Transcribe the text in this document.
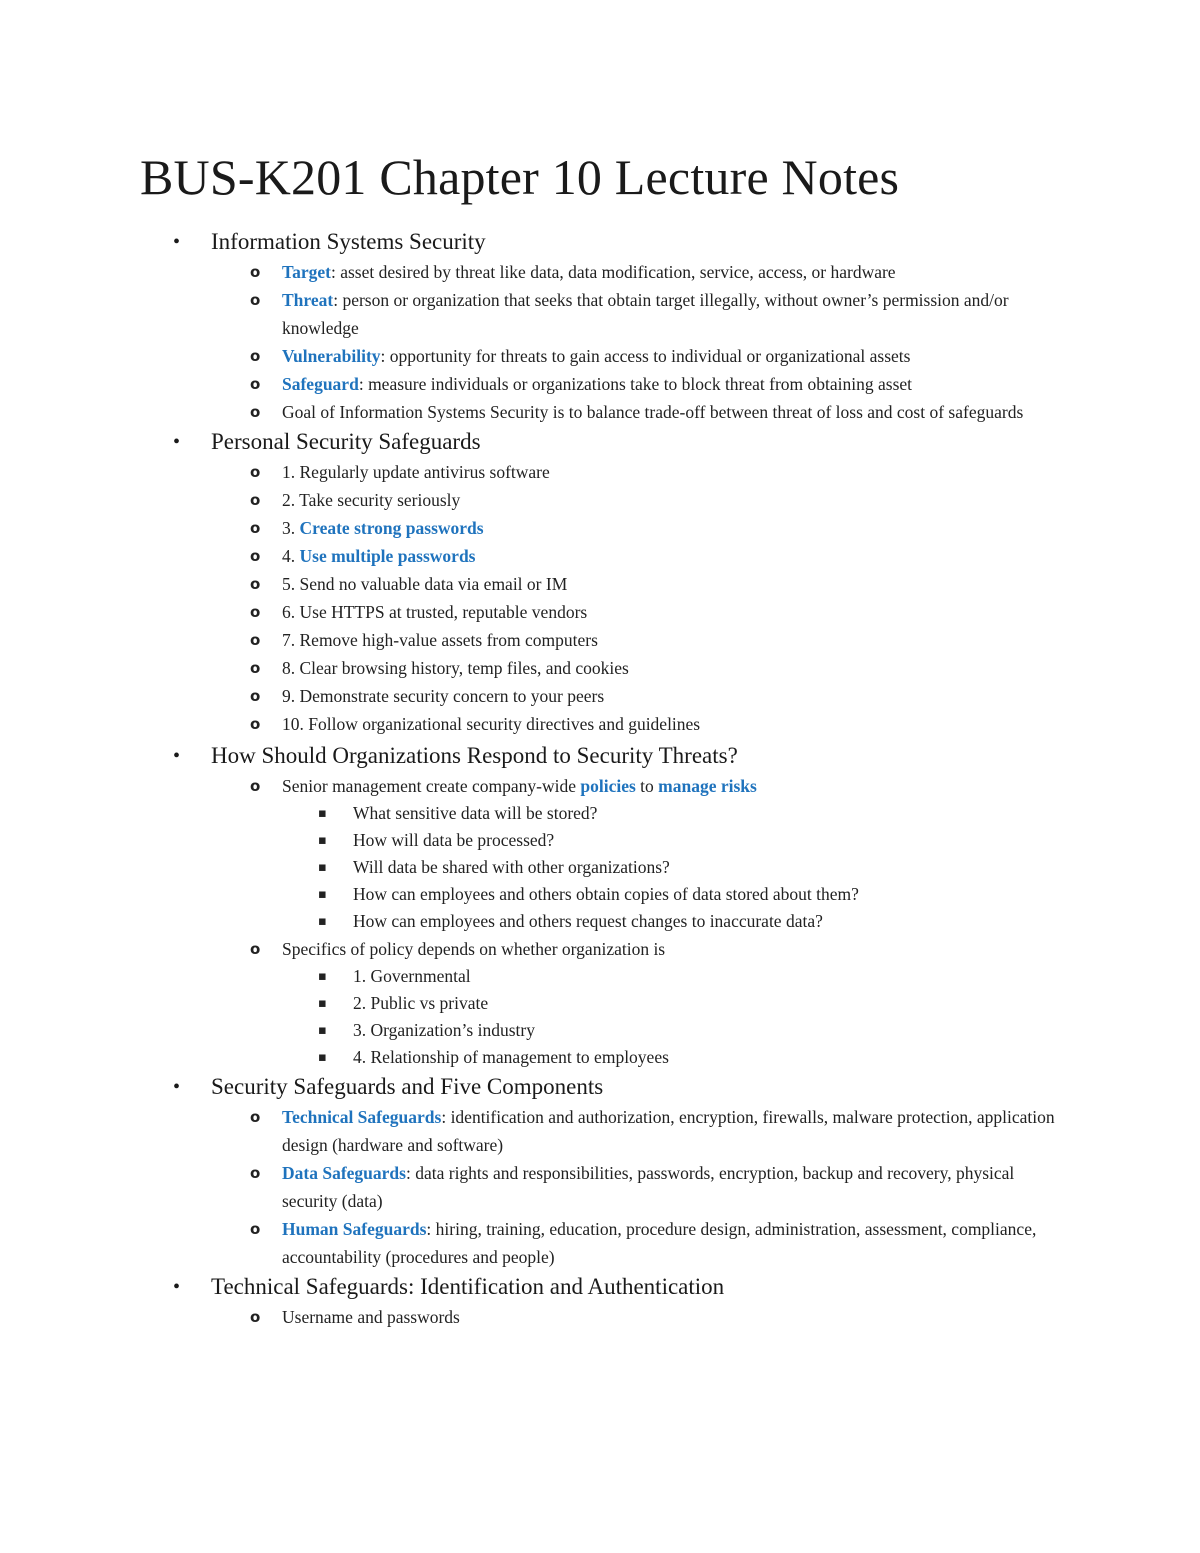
BUS-K201 Chapter 10 Lecture Notes
• Information Systems Security
o Target: asset desired by threat like data, data modification, service, access, or hardware
o Threat: person or organization that seeks that obtain target illegally, without owner’s permission and/or knowledge
o Vulnerability: opportunity for threats to gain access to individual or organizational assets
o Safeguard: measure individuals or organizations take to block threat from obtaining asset
o Goal of Information Systems Security is to balance trade-off between threat of loss and cost of safeguards
• Personal Security Safeguards
o 1. Regularly update antivirus software
o 2. Take security seriously
o 3. Create strong passwords
o 4. Use multiple passwords
o 5. Send no valuable data via email or IM
o 6. Use HTTPS at trusted, reputable vendors
o 7. Remove high-value assets from computers
o 8. Clear browsing history, temp files, and cookies
o 9. Demonstrate security concern to your peers
o 10. Follow organizational security directives and guidelines
• How Should Organizations Respond to Security Threats?
o Senior management create company-wide policies to manage risks
▪ What sensitive data will be stored?
▪ How will data be processed?
▪ Will data be shared with other organizations?
▪ How can employees and others obtain copies of data stored about them?
▪ How can employees and others request changes to inaccurate data?
o Specifics of policy depends on whether organization is
▪ 1. Governmental
▪ 2. Public vs private
▪ 3. Organization’s industry
▪ 4. Relationship of management to employees
• Security Safeguards and Five Components
o Technical Safeguards: identification and authorization, encryption, firewalls, malware protection, application design (hardware and software)
o Data Safeguards: data rights and responsibilities, passwords, encryption, backup and recovery, physical security (data)
o Human Safeguards: hiring, training, education, procedure design, administration, assessment, compliance, accountability (procedures and people)
• Technical Safeguards: Identification and Authentication
o Username and passwords
